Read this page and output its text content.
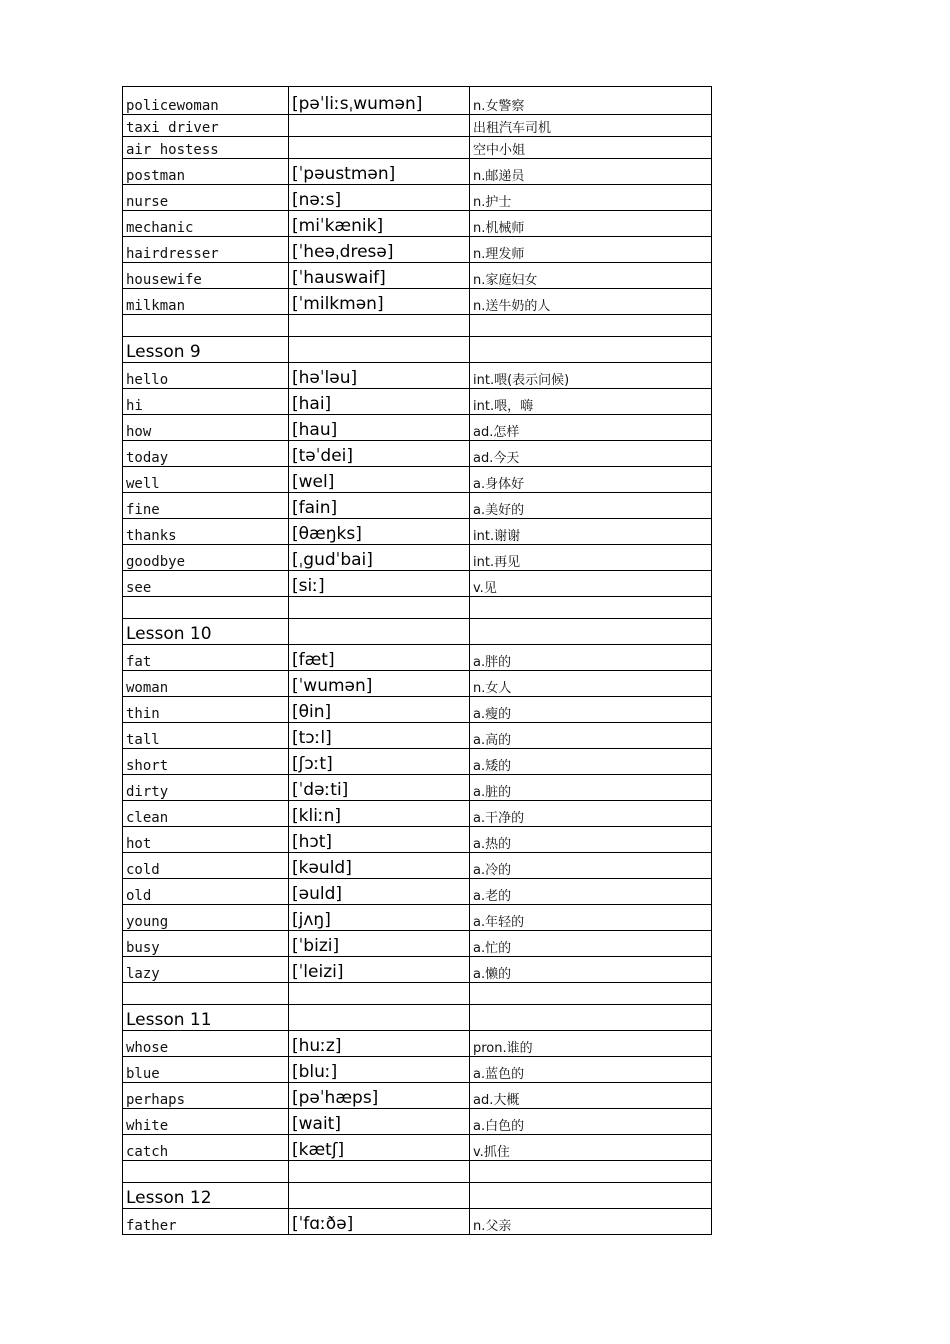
policewoman	[pəˈliːsˌwumən]	n.女警察
taxi driver		出租汽车司机
air hostess		空中小姐
postman	[ˈpəustmən]	n.邮递员
nurse	[nəːs]	n.护士
mechanic	[miˈkænik]	n.机械师
hairdresser	[ˈheəˌdresə]	n.理发师
housewife	[ˈhauswaif]	n.家庭妇女
milkman	[ˈmilkmən]	n.送牛奶的人

Lesson 9		
hello	[həˈləu]	int.喂(表示问候)
hi	[hai]	int.喂，嗨
how	[hau]	ad.怎样
today	[təˈdei]	ad.今天
well	[wel]	a.身体好
fine	[fain]	a.美好的
thanks	[θæŋks]	int.谢谢
goodbye	[ˌgudˈbai]	int.再见
see	[siː]	v.见

Lesson 10		
fat	[fæt]	a.胖的
woman	[ˈwumən]	n.女人
thin	[θin]	a.瘦的
tall	[tɔːl]	a.高的
short	[ʃɔːt]	a.矮的
dirty	[ˈdəːti]	a.脏的
clean	[kliːn]	a.干净的
hot	[hɔt]	a.热的
cold	[kəuld]	a.冷的
old	[əuld]	a.老的
young	[jʌŋ]	a.年轻的
busy	[ˈbizi]	a.忙的
lazy	[ˈleizi]	a.懒的

Lesson 11		
whose	[huːz]	pron.谁的
blue	[bluː]	a.蓝色的
perhaps	[pəˈhæps]	ad.大概
white	[wait]	a.白色的
catch	[kætʃ]	v.抓住

Lesson 12		
father	[ˈfɑːðə]	n.父亲
